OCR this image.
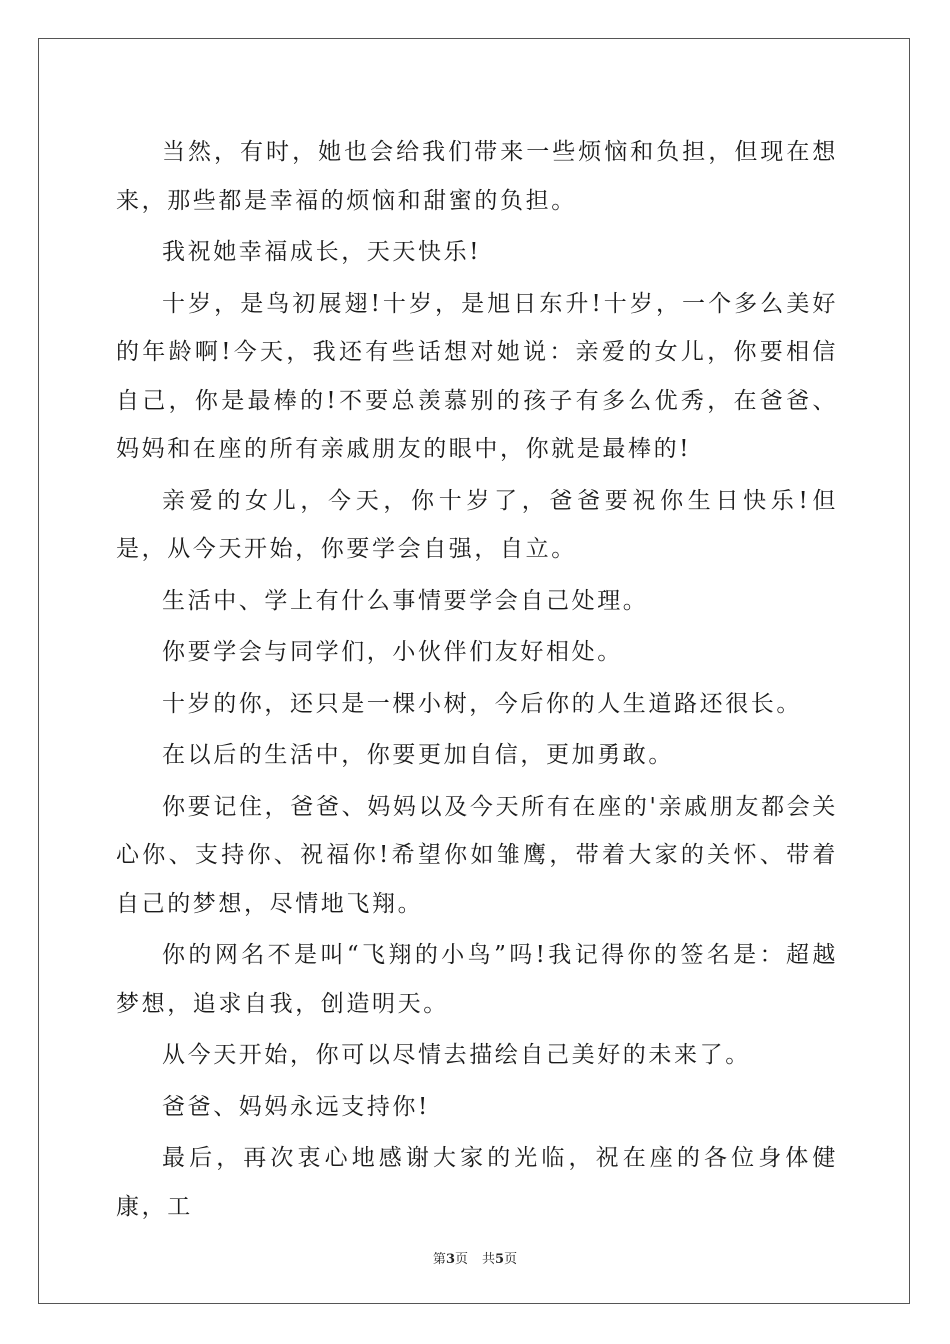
当然，有时，她也会给我们带来一些烦恼和负担，但现在想来，那些都是幸福的烦恼和甜蜜的负担。

我祝她幸福成长，天天快乐!

十岁，是鸟初展翅!十岁，是旭日东升!十岁，一个多么美好的年龄啊!今天，我还有些话想对她说：亲爱的女儿，你要相信自己，你是最棒的!不要总羡慕别的孩子有多么优秀，在爸爸、妈妈和在座的所有亲戚朋友的眼中，你就是最棒的!

亲爱的女儿，今天，你十岁了，爸爸要祝你生日快乐!但是，从今天开始，你要学会自强，自立。

生活中、学上有什么事情要学会自己处理。

你要学会与同学们，小伙伴们友好相处。

十岁的你，还只是一棵小树，今后你的人生道路还很长。

在以后的生活中，你要更加自信，更加勇敢。

你要记住，爸爸、妈妈以及今天所有在座的'亲戚朋友都会关心你、支持你、祝福你!希望你如雏鹰，带着大家的关怀、带着自己的梦想，尽情地飞翔。

你的网名不是叫“飞翔的小鸟”吗!我记得你的签名是：超越梦想，追求自我，创造明天。

从今天开始，你可以尽情去描绘自己美好的未来了。

爸爸、妈妈永远支持你!

最后，再次衷心地感谢大家的光临，祝在座的各位身体健康，工

第3页 共5页
